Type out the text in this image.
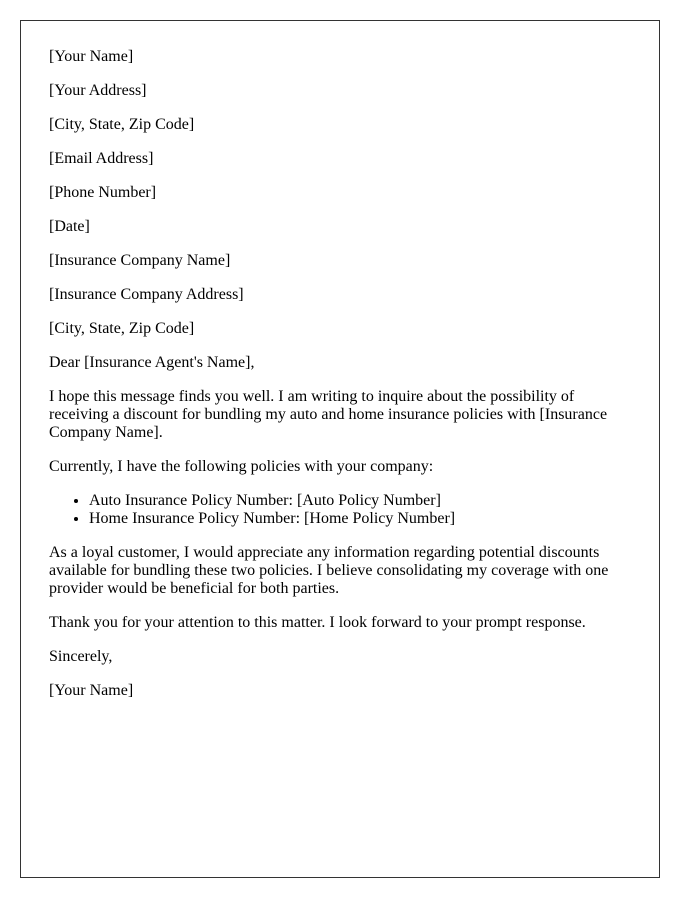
[Your Name]

[Your Address]

[City, State, Zip Code]

[Email Address]

[Phone Number]

[Date]

[Insurance Company Name]

[Insurance Company Address]

[City, State, Zip Code]

Dear [Insurance Agent's Name],

I hope this message finds you well. I am writing to inquire about the possibility of receiving a discount for bundling my auto and home insurance policies with [Insurance Company Name].

Currently, I have the following policies with your company:

• Auto Insurance Policy Number: [Auto Policy Number]
• Home Insurance Policy Number: [Home Policy Number]

As a loyal customer, I would appreciate any information regarding potential discounts available for bundling these two policies. I believe consolidating my coverage with one provider would be beneficial for both parties.

Thank you for your attention to this matter. I look forward to your prompt response.

Sincerely,

[Your Name]
